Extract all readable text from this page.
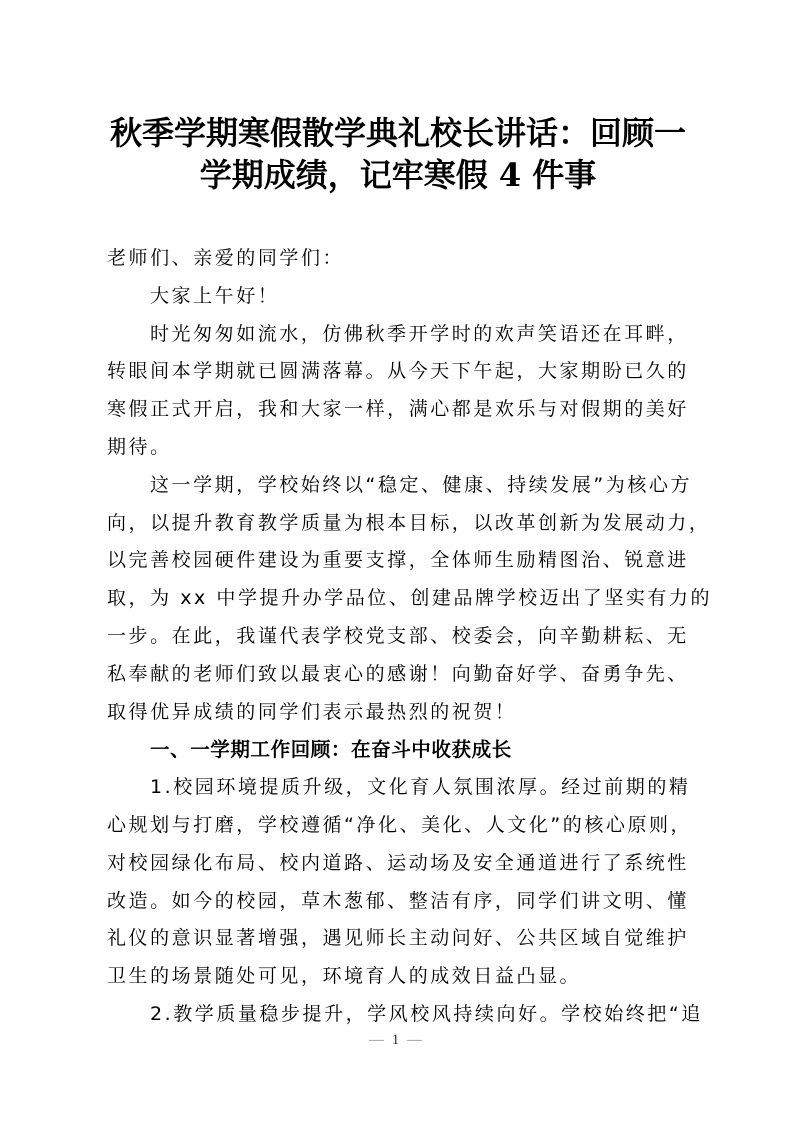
秋季学期寒假散学典礼校长讲话：回顾一
学期成绩，记牢寒假 4 件事

老师们、亲爱的同学们：

大家上午好！

时光匆匆如流水，仿佛秋季开学时的欢声笑语还在耳畔，
转眼间本学期就已圆满落幕。从今天下午起，大家期盼已久的
寒假正式开启，我和大家一样，满心都是欢乐与对假期的美好
期待。

这一学期，学校始终以“稳定、健康、持续发展”为核心方
向，以提升教育教学质量为根本目标，以改革创新为发展动力，
以完善校园硬件建设为重要支撑，全体师生励精图治、锐意进
取，为 xx 中学提升办学品位、创建品牌学校迈出了坚实有力的
一步。在此，我谨代表学校党支部、校委会，向辛勤耕耘、无
私奉献的老师们致以最衷心的感谢！向勤奋好学、奋勇争先、
取得优异成绩的同学们表示最热烈的祝贺！

一、一学期工作回顾：在奋斗中收获成长

1.校园环境提质升级，文化育人氛围浓厚。经过前期的精
心规划与打磨，学校遵循“净化、美化、人文化”的核心原则，
对校园绿化布局、校内道路、运动场及安全通道进行了系统性
改造。如今的校园，草木葱郁、整洁有序，同学们讲文明、懂
礼仪的意识显著增强，遇见师长主动问好、公共区域自觉维护
卫生的场景随处可见，环境育人的成效日益凸显。

2.教学质量稳步提升，学风校风持续向好。学校始终把“追

— 1 —
